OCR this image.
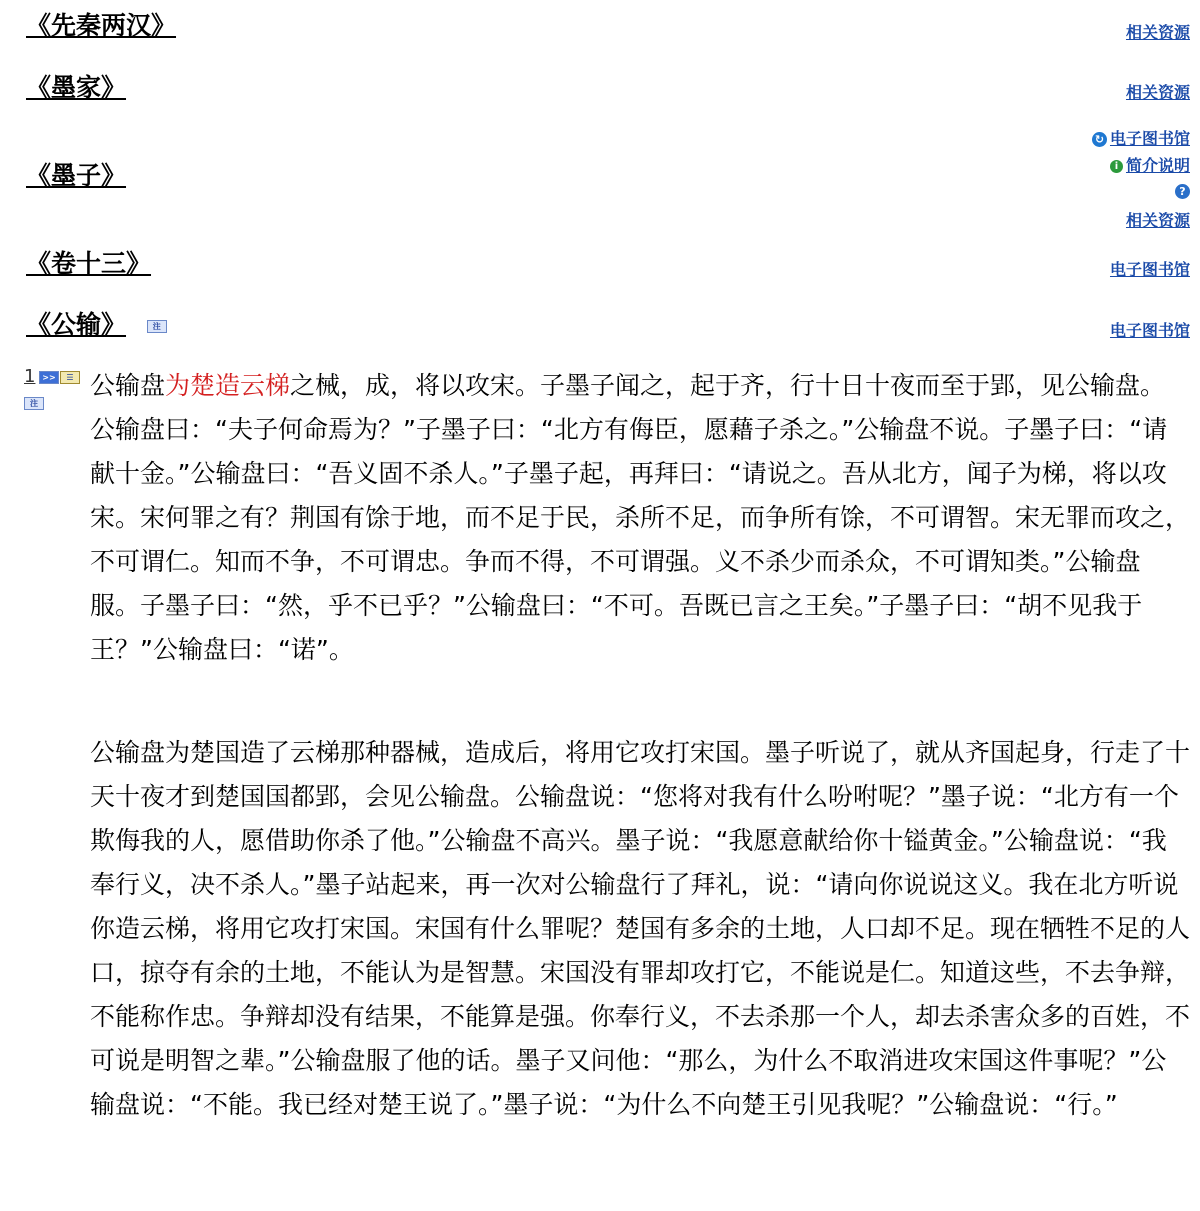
《先秦两汉》	相关资源
《墨家》	相关资源
↻ 电子图书馆
i 简介说明
?
《墨子》
相关资源
《卷十三》	电子图书馆
《公输》	注	电子图书馆
1 >>	☰
注
公输盘为楚造云梯之械，成，将以攻宋。子墨子闻之，起于齐，行十日十夜而至于郢，见公输盘。公输盘曰：“夫子何命焉为？”子墨子曰：“北方有侮臣，愿藉子杀之。”公输盘不说。子墨子曰：“请献十金。”公输盘曰：“吾义固不杀人。”子墨子起，再拜曰：“请说之。吾从北方，闻子为梯，将以攻宋。宋何罪之有？荆国有馀于地，而不足于民，杀所不足，而争所有馀，不可谓智。宋无罪而攻之，不可谓仁。知而不争，不可谓忠。争而不得，不可谓强。义不杀少而杀众，不可谓知类。”公输盘服。子墨子曰：“然，乎不已乎？”公输盘曰：“不可。吾既已言之王矣。”子墨子曰：“胡不见我于王？”公输盘曰：“诺”。
公输盘为楚国造了云梯那种器械，造成后，将用它攻打宋国。墨子听说了，就从齐国起身，行走了十天十夜才到楚国国都郢，会见公输盘。公输盘说：“您将对我有什么吩咐呢？”墨子说：“北方有一个欺侮我的人，愿借助你杀了他。”公输盘不高兴。墨子说：“我愿意献给你十镒黄金。”公输盘说：“我奉行义，决不杀人。”墨子站起来，再一次对公输盘行了拜礼，说：“请向你说说这义。我在北方听说你造云梯，将用它攻打宋国。宋国有什么罪呢？楚国有多余的土地，人口却不足。现在牺牲不足的人口，掠夺有余的土地，不能认为是智慧。宋国没有罪却攻打它，不能说是仁。知道这些，不去争辩，不能称作忠。争辩却没有结果，不能算是强。你奉行义，不去杀那一个人，却去杀害众多的百姓，不可说是明智之辈。”公输盘服了他的话。墨子又问他：“那么，为什么不取消进攻宋国这件事呢？”公输盘说：“不能。我已经对楚王说了。”墨子说：“为什么不向楚王引见我呢？”公输盘说：“行。”
